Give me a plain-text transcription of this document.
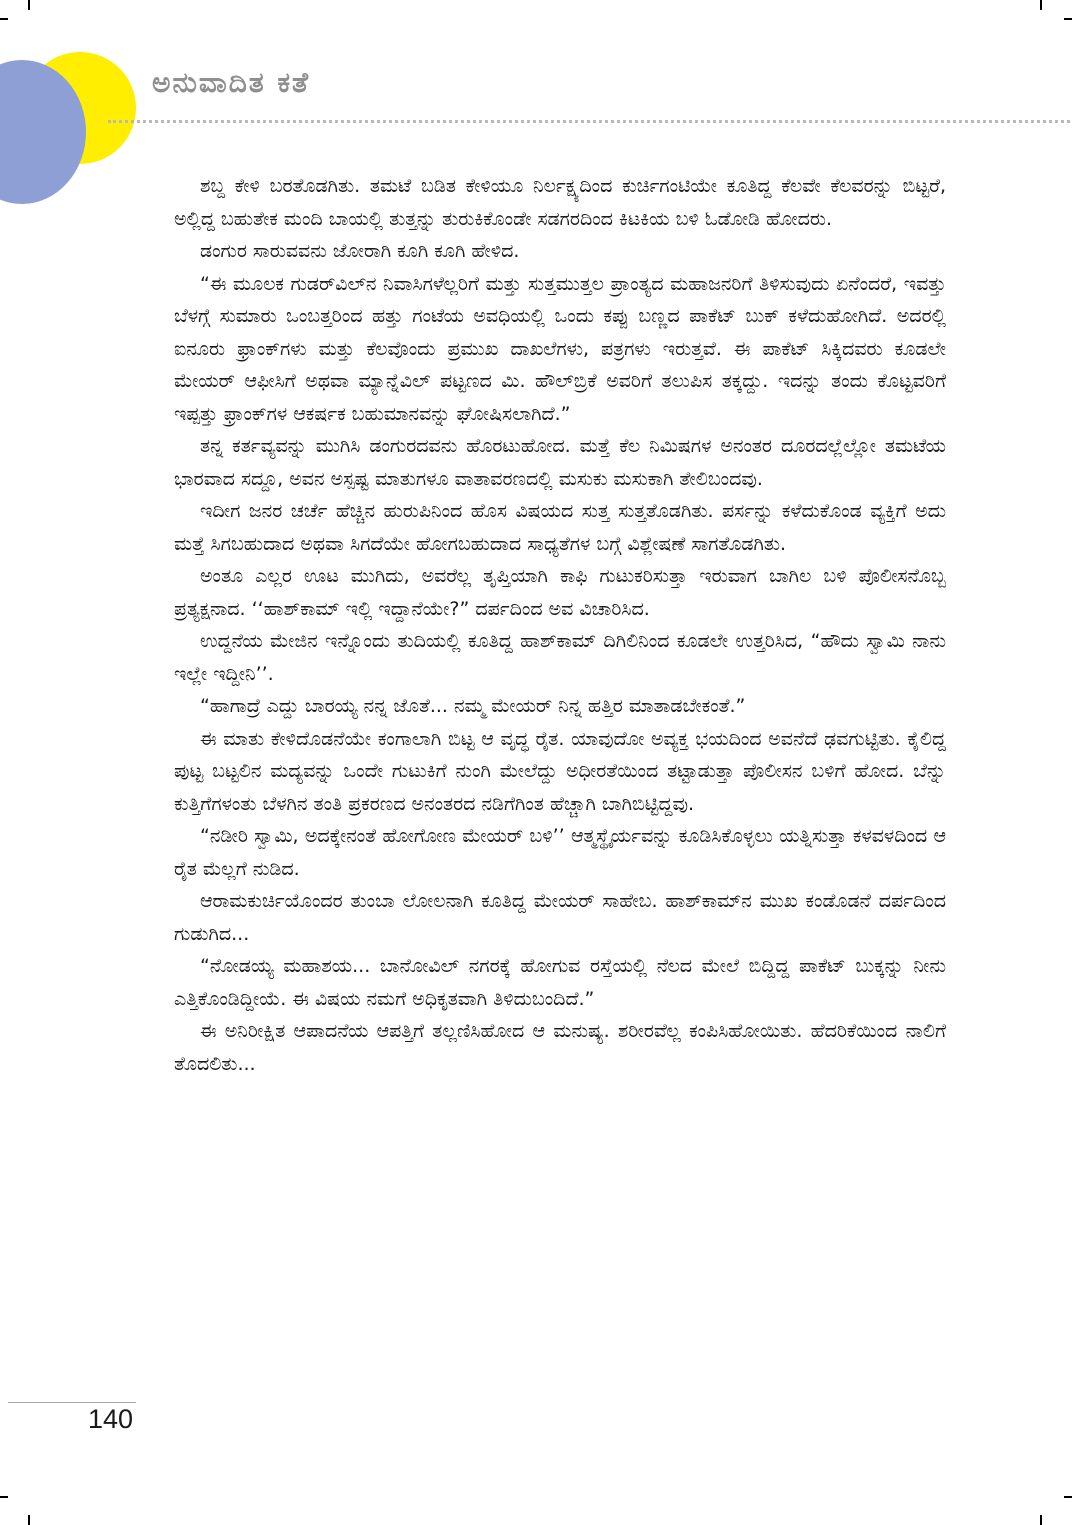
ಅನುವಾದಿತ ಕತೆ

ಶಬ್ದ ಕೇಳಿ ಬರತೊಡಗಿತು. ತಮಟೆ ಬಡಿತ ಕೇಳಿಯೂ ನಿರ್ಲಕ್ಷ್ಯದಿಂದ ಕುರ್ಚಿಗಂಟಿಯೇ ಕೂತಿದ್ದ ಕೆಲವೇ ಕೆಲವರನ್ನು ಬಿಟ್ಟರೆ, ಅಲ್ಲಿದ್ದ ಬಹುತೇಕ ಮಂದಿ ಬಾಯಲ್ಲಿ ತುತ್ತನ್ನು ತುರುಕಿಕೊಂಡೇ ಸಡಗರದಿಂದ ಕಿಟಕಿಯ ಬಳಿ ಓಡೋಡಿ ಹೋದರು.

ಡಂಗುರ ಸಾರುವವನು ಜೋರಾಗಿ ಕೂಗಿ ಕೂಗಿ ಹೇಳಿದ.

“ಈ ಮೂಲಕ ಗುಡರ್‌ವಿಲ್‌ನ ನಿವಾಸಿಗಳೆಲ್ಲರಿಗೆ ಮತ್ತು ಸುತ್ತಮುತ್ತಲ ಪ್ರಾಂತ್ಯದ ಮಹಾಜನರಿಗೆ ತಿಳಿಸುವುದು ಏನೆಂದರೆ, ಇವತ್ತು ಬೆಳಗ್ಗೆ ಸುಮಾರು ಒಂಬತ್ತರಿಂದ ಹತ್ತು ಗಂಟೆಯ ಅವಧಿಯಲ್ಲಿ ಒಂದು ಕಪ್ಪು ಬಣ್ಣದ ಪಾಕೆಟ್ ಬುಕ್ ಕಳೆದುಹೋಗಿದೆ. ಅದರಲ್ಲಿ ಐನೂರು ಫ್ರಾಂಕ್‌ಗಳು ಮತ್ತು ಕೆಲವೊಂದು ಪ್ರಮುಖ ದಾಖಲೆಗಳು, ಪತ್ರಗಳು ಇರುತ್ತವೆ. ಈ ಪಾಕೆಟ್ ಸಿಕ್ಕಿದವರು ಕೂಡಲೇ ಮೇಯರ್ ಆಫೀಸಿಗೆ ಅಥವಾ ಮ್ಯಾನ್ನೆವಿಲ್ ಪಟ್ಟಣದ ಮಿ. ಹೌಲ್‌ಬ್ರಿಕೆ ಅವರಿಗೆ ತಲುಪಿಸ ತಕ್ಕದ್ದು. ಇದನ್ನು ತಂದು ಕೊಟ್ಟವರಿಗೆ ಇಪ್ಪತ್ತು ಫ್ರಾಂಕ್‌ಗಳ ಆಕರ್ಷಕ ಬಹುಮಾನವನ್ನು ಘೋಷಿಸಲಾಗಿದೆ.”

ತನ್ನ ಕರ್ತವ್ಯವನ್ನು ಮುಗಿಸಿ ಡಂಗುರದವನು ಹೊರಟುಹೋದ. ಮತ್ತೆ ಕೆಲ ನಿಮಿಷಗಳ ಅನಂತರ ದೂರದಲ್ಲೆಲ್ಲೋ ತಮಟೆಯ ಭಾರವಾದ ಸದ್ದೂ, ಅವನ ಅಸ್ಪಷ್ಟ ಮಾತುಗಳೂ ವಾತಾವರಣದಲ್ಲಿ ಮಸುಕು ಮಸುಕಾಗಿ ತೇಲಿಬಂದವು.

ಇದೀಗ ಜನರ ಚರ್ಚೆ ಹೆಚ್ಚಿನ ಹುರುಪಿನಿಂದ ಹೊಸ ವಿಷಯದ ಸುತ್ತ ಸುತ್ತತೊಡಗಿತು. ಪರ್ಸನ್ನು ಕಳೆದುಕೊಂಡ ವ್ಯಕ್ತಿಗೆ ಅದು ಮತ್ತೆ ಸಿಗಬಹುದಾದ ಅಥವಾ ಸಿಗದೆಯೇ ಹೋಗಬಹುದಾದ ಸಾಧ್ಯತೆಗಳ ಬಗ್ಗೆ ವಿಶ್ಲೇಷಣೆ ಸಾಗತೊಡಗಿತು.

ಅಂತೂ ಎಲ್ಲರ ಊಟ ಮುಗಿದು, ಅವರೆಲ್ಲ ತೃಪ್ತಿಯಾಗಿ ಕಾಫಿ ಗುಟುಕರಿಸುತ್ತಾ ಇರುವಾಗ ಬಾಗಿಲ ಬಳಿ ಪೊಲೀಸನೊಬ್ಬ ಪ್ರತ್ಯಕ್ಷನಾದ. ‘‘ಹಾಶ್‌ಕಾಮ್ ಇಲ್ಲಿ ಇದ್ದಾನೆಯೇ?” ದರ್ಪದಿಂದ ಅವ ವಿಚಾರಿಸಿದ.

ಉದ್ದನೆಯ ಮೇಜಿನ ಇನ್ನೊಂದು ತುದಿಯಲ್ಲಿ ಕೂತಿದ್ದ ಹಾಶ್‌ಕಾಮ್ ದಿಗಿಲಿನಿಂದ ಕೂಡಲೇ ಉತ್ತರಿಸಿದ, “ಹೌದು ಸ್ವಾಮಿ ನಾನು ಇಲ್ಲೇ ಇದ್ದೀನಿ’’.

“ಹಾಗಾದ್ರೆ ಎದ್ದು ಬಾರಯ್ಯ ನನ್ನ ಜೊತೆ... ನಮ್ಮ ಮೇಯರ್ ನಿನ್ನ ಹತ್ತಿರ ಮಾತಾಡಬೇಕಂತೆ.”

ಈ ಮಾತು ಕೇಳಿದೊಡನೆಯೇ ಕಂಗಾಲಾಗಿ ಬಿಟ್ಟ ಆ ವೃದ್ಧ ರೈತ. ಯಾವುದೋ ಅವ್ಯಕ್ತ ಭಯದಿಂದ ಅವನೆದೆ ಢವಗುಟ್ಟಿತು. ಕೈಲಿದ್ದ ಪುಟ್ಟ ಬಟ್ಟಲಿನ ಮದ್ಯವನ್ನು ಒಂದೇ ಗುಟುಕಿಗೆ ನುಂಗಿ ಮೇಲೆದ್ದು ಅಧೀರತೆಯಿಂದ ತಟ್ಟಾಡುತ್ತಾ ಪೊಲೀಸನ ಬಳಿಗೆ ಹೋದ. ಬೆನ್ನು ಕುತ್ತಿಗೆಗಳಂತು ಬೆಳಗಿನ ತಂತಿ ಪ್ರಕರಣದ ಅನಂತರದ ನಡಿಗೆಗಿಂತ ಹೆಚ್ಚಾಗಿ ಬಾಗಿಬಿಟ್ಟಿದ್ದವು.

“ನಡೀರಿ ಸ್ವಾಮಿ, ಅದಕ್ಕೇನಂತೆ ಹೋಗೋಣ ಮೇಯರ್ ಬಳಿ’’ ಆತ್ಮಸ್ಥೈರ್ಯವನ್ನು ಕೂಡಿಸಿಕೊಳ್ಳಲು ಯತ್ನಿಸುತ್ತಾ ಕಳವಳದಿಂದ ಆ ರೈತ ಮೆಲ್ಲಗೆ ನುಡಿದ.

ಆರಾಮಕುರ್ಚಿಯೊಂದರ ತುಂಬಾ ಲೋಲನಾಗಿ ಕೂತಿದ್ದ ಮೇಯರ್ ಸಾಹೇಬ. ಹಾಶ್‌ಕಾಮ್‌ನ ಮುಖ ಕಂಡೊಡನೆ ದರ್ಪದಿಂದ ಗುಡುಗಿದ...

“ನೋಡಯ್ಯ ಮಹಾಶಯ... ಬಾನೋವಿಲ್ ನಗರಕ್ಕೆ ಹೋಗುವ ರಸ್ತೆಯಲ್ಲಿ ನೆಲದ ಮೇಲೆ ಬಿದ್ದಿದ್ದ ಪಾಕೆಟ್ ಬುಕ್ಕನ್ನು ನೀನು ಎತ್ತಿಕೊಂಡಿದ್ದೀಯೆ. ಈ ವಿಷಯ ನಮಗೆ ಅಧಿಕೃತವಾಗಿ ತಿಳಿದುಬಂದಿದೆ.”

ಈ ಅನಿರೀಕ್ಷಿತ ಆಪಾದನೆಯ ಆಪತ್ತಿಗೆ ತಲ್ಲಣಿಸಿಹೋದ ಆ ಮನುಷ್ಯ. ಶರೀರವೆಲ್ಲ ಕಂಪಿಸಿಹೋಯಿತು. ಹೆದರಿಕೆಯಿಂದ ನಾಲಿಗೆ ತೊದಲಿತು...

140
